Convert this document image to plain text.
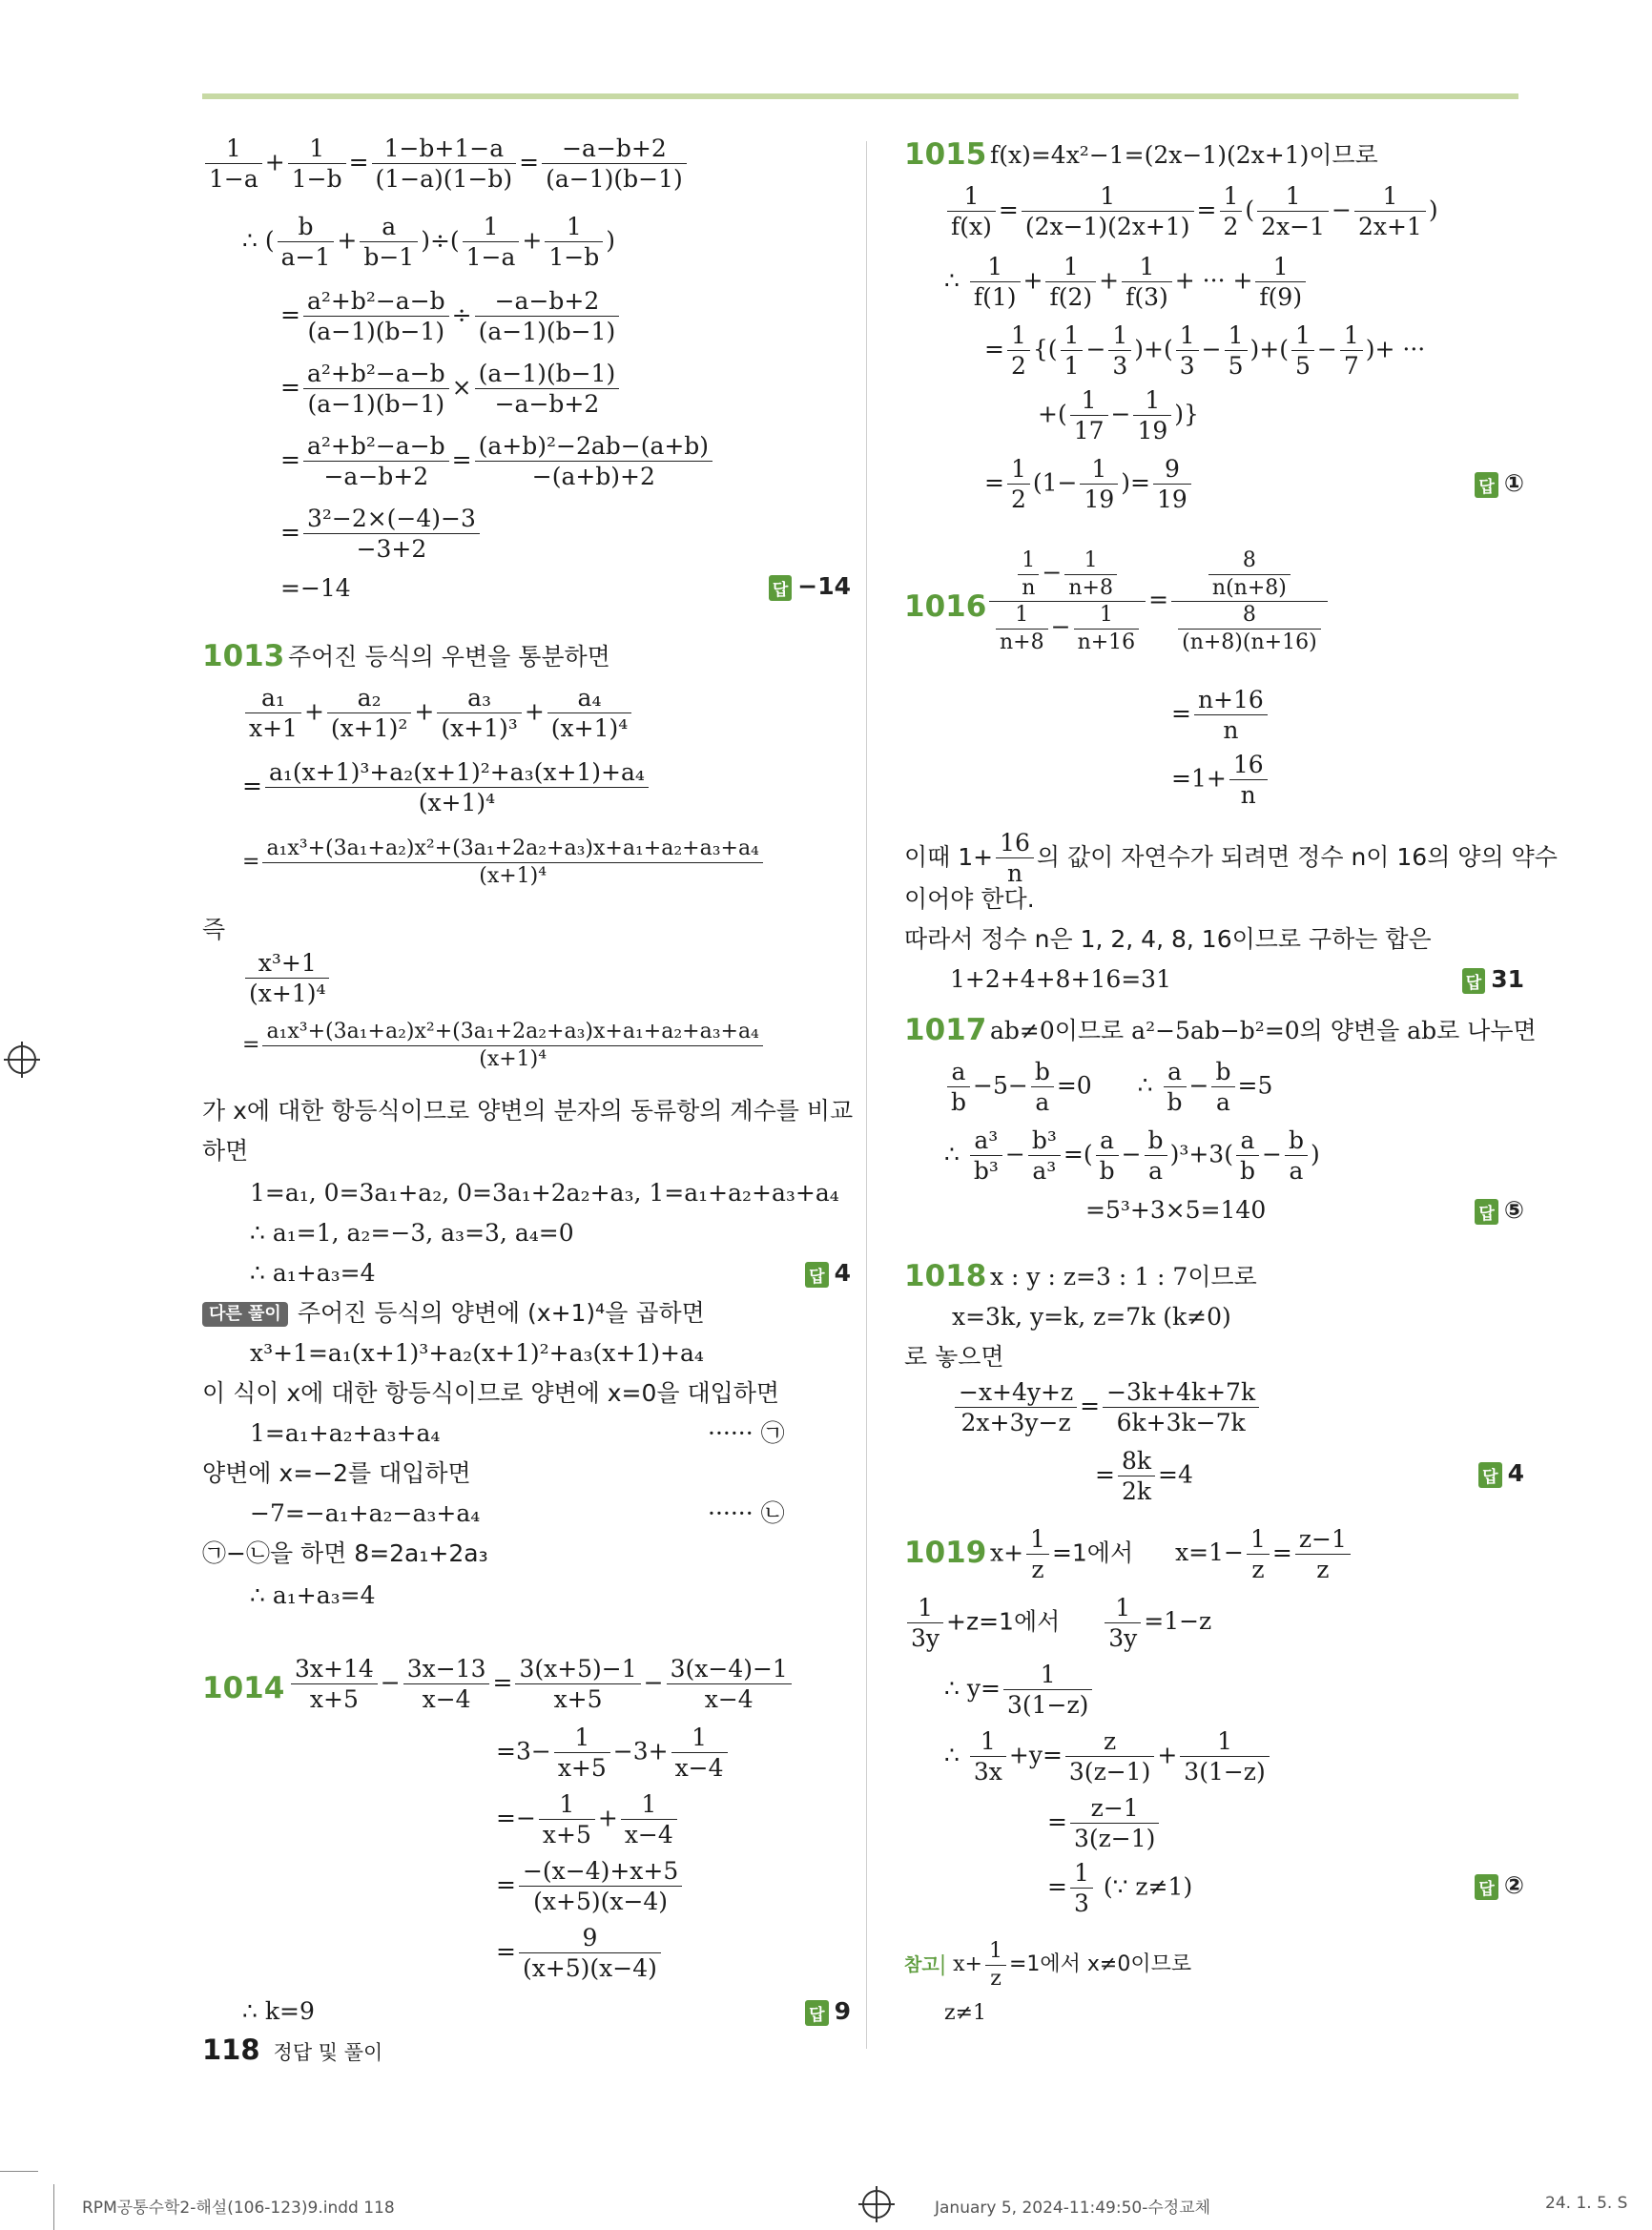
$\frac{1}{1-a} + \frac{1}{1-b} = \frac{1-b+1-a}{(1-a)(1-b)} = \frac{-a-b+2}{(a-1)(b-1)}$
∴ ( $\frac{b}{a-1} + \frac{a}{b-1}$ )÷( $\frac{1}{1-a} + \frac{1}{1-b}$ )
= $\frac{\text{a²+b²−a−b}}{(a-1)(b-1)} \div \frac{-a-b+2}{(a-1)(b-1)}$
= $\frac{\text{a²+b²−a−b}}{(a-1)(b-1)} \times \frac{(a-1)(b-1)}{-a-b+2}$
= $\frac{\text{a²+b²−a−b}}{-a-b+2} = \frac{\text{(a+b)²−2ab−(a+b)}}{-(a+b)+2}$
= $\frac{\text{3²−2×(−4)−3}}{-3+2}$
=−14	답 −14
1013 주어진 등식의 우변을 통분하면
$\frac{\text{a₁}}{x+1} + \frac{\text{a₂}}{\text{(x+1)²}} + \frac{\text{a₃}}{\text{(x+1)³}} + \frac{\text{a₄}}{\text{(x+1)⁴}}$
= $\frac{\text{a₁(x+1)³+a₂(x+1)²+a₃(x+1)+a₄}}{\text{(x+1)⁴}}$
= $\frac{\text{a₁x³+(3a₁+a₂)x²+(3a₁+2a₂+a₃)x+a₁+a₂+a₃+a₄}}{\text{(x+1)⁴}}$
즉
$\frac{\text{x³+1}}{\text{(x+1)⁴}}$
= $\frac{\text{a₁x³+(3a₁+a₂)x²+(3a₁+2a₂+a₃)x+a₁+a₂+a₃+a₄}}{\text{(x+1)⁴}}$
가 x에 대한 항등식이므로 양변의 분자의 동류항의 계수를 비교
하면
1=a₁, 0=3a₁+a₂, 0=3a₁+2a₂+a₃, 1=a₁+a₂+a₃+a₄
∴ a₁=1, a₂=−3, a₃=3, a₄=0
∴ a₁+a₃=4	답 4
다른 풀이 주어진 등식의 양변에 (x+1)⁴을 곱하면
x³+1=a₁(x+1)³+a₂(x+1)²+a₃(x+1)+a₄
이 식이 x에 대한 항등식이므로 양변에 x=0을 대입하면
1=a₁+a₂+a₃+a₄	······ ㉠
양변에 x=−2를 대입하면
−7=−a₁+a₂−a₃+a₄	······ ㉡
㉠−㉡을 하면 8=2a₁+2a₃
∴ a₁+a₃=4
$1014 \frac{3x+14}{x+5} - \frac{3x-13}{x-4} = \frac{3(x+5)-1}{x+5} - \frac{3(x-4)-1}{x-4}$
$=3- \frac{1}{x+5} -3+ \frac{1}{x-4}$
=− $\frac{1}{x+5} + \frac{1}{x-4}$
= $\frac{-(x-4)+x+5}{(x+5)(x-4)}$
= $\frac{9}{(x+5)(x-4)}$
∴ k=9	답 9
1015 f(x)=4x²−1=(2x−1)(2x+1)이므로
$\frac{1}{f(x)} = \frac{1}{(2x-1)(2x+1)} = \frac{1}{2}$ ( $\frac{1}{2x-1} - \frac{1}{2x+1}$ )
∴ $\frac{1}{f(1)} + \frac{1}{f(2)} + \frac{1}{f(3)}$ + ··· + $\frac{1}{f(9)}$
= $\frac{1}{2}$ {( $\frac{1}{1} - \frac{1}{3}$ )+( $\frac{1}{3} - \frac{1}{5}$ )+( $\frac{1}{5} - \frac{1}{7}$ )+ ···
+( $\frac{1}{17} - \frac{1}{19}$ )}
= $\frac{1}{2} (1- \frac{1}{19}$ )= $\frac{9}{19}$	답 ①
$1016 \frac{\frac{1}{n} - \frac{1}{n+8}}{\frac{1}{n+8} - \frac{1}{n+16}} = \frac{\frac{8}{n(n+8)}}{\frac{8}{(n+8)(n+16)}}$
= $\frac{n+16}{n}$
$=1+ \frac{16}{n}$
이때 $1+ \frac{16}{n}$ 의 값이 자연수가 되려면 정수 n이 16의 양의 약수
이어야 한다.
따라서 정수 n은 1, 2, 4, 8, 16이므로 구하는 합은
1+2+4+8+16=31	답 31
1017 ab≠0이므로 a²−5ab−b²=0의 양변을 ab로 나누면
$\frac{a}{b} -5- \frac{b}{a} =0$ ∴ $\frac{a}{b} - \frac{b}{a} =5$
∴ $\frac{\text{a³}}{\text{b³}} - \frac{\text{b³}}{\text{a³}}$ =( $\frac{a}{b} - \frac{b}{a} )^3+3( \frac{a}{b} - \frac{b}{a}$ )
=5³+3×5=140	답 ⑤
1018 x : y : z=3 : 1 : 7이므로
x=3k, y=k, z=7k (k≠0)
로 놓으면
$\frac{-x+4y+z}{2x+3y-z} = \frac{-3k+4k+7k}{6k+3k-7k}$
= $\frac{8k}{2k} =4$	답 4
1019 $x+ \frac{1}{z} =1$에서 $x=1- \frac{1}{z} = \frac{z-1}{z}$
$\frac{1}{3y} +z=1$에서 $\frac{1}{3y} =1-z$
∴ $y= \frac{1}{3(1-z)}$
∴ $\frac{1}{3x} +y= \frac{z}{3(z-1)} + \frac{1}{3(1-z)}$
= $\frac{z-1}{3(z-1)}$
= $\frac{1}{3}$ (∵ z≠1)	답 ②
참고| $x+ \frac{1}{z} =1$에서 x≠0이므로
z≠1
118 정답 및 풀이
RPM공통수학2-해설(106-123)9.indd 118	January 5, 2024-11:49:50-수정교체	24. 1. 5. S
